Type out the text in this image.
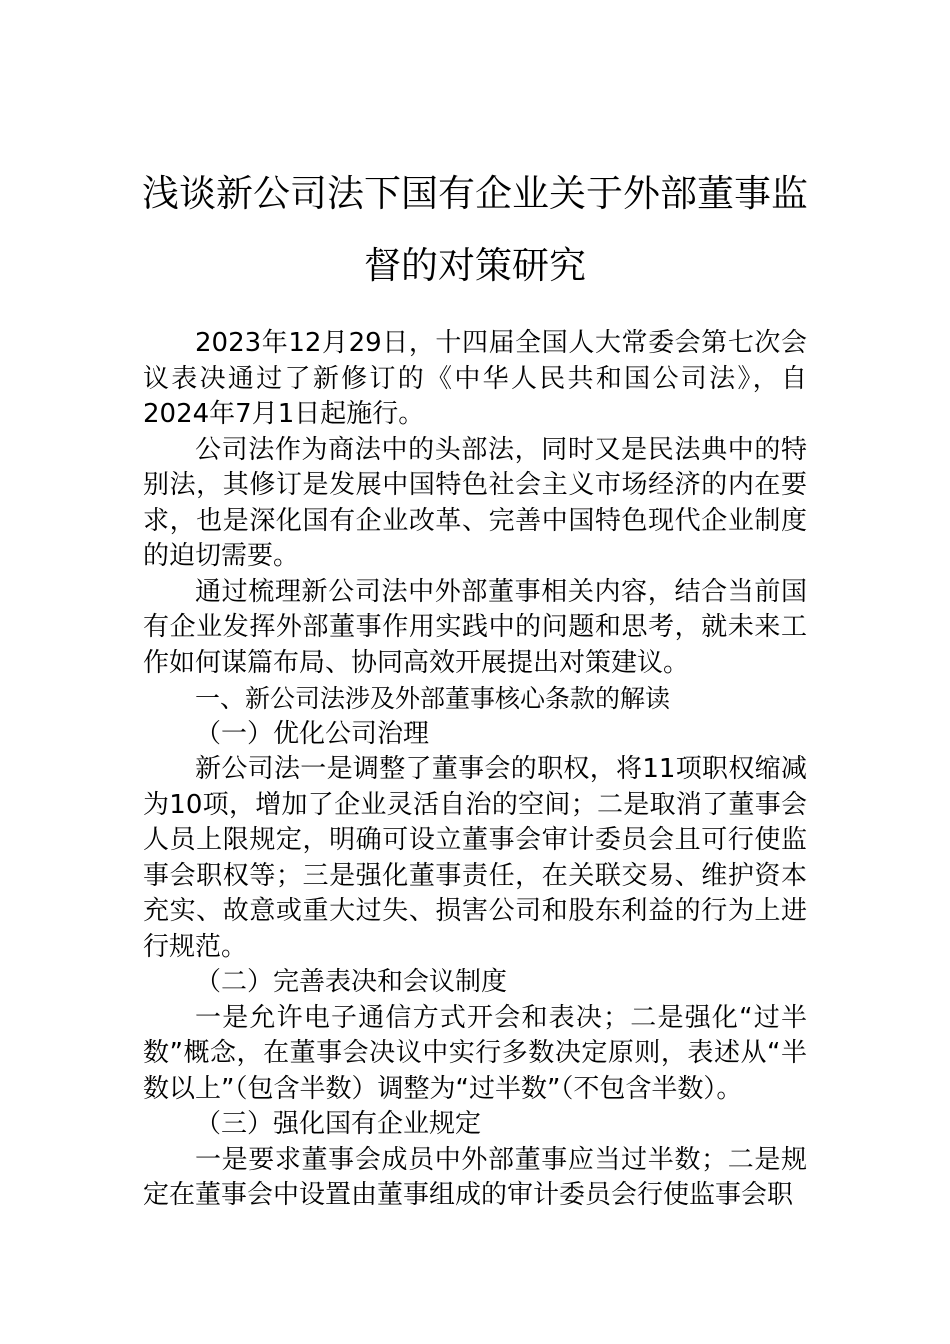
浅谈新公司法下国有企业关于外部董事监督的对策研究

2023年12月29日，十四届全国人大常委会第七次会议表决通过了新修订的《中华人民共和国公司法》，自2024年7月1日起施行。

公司法作为商法中的头部法，同时又是民法典中的特别法，其修订是发展中国特色社会主义市场经济的内在要求，也是深化国有企业改革、完善中国特色现代企业制度的迫切需要。

通过梳理新公司法中外部董事相关内容，结合当前国有企业发挥外部董事作用实践中的问题和思考，就未来工作如何谋篇布局、协同高效开展提出对策建议。

一、新公司法涉及外部董事核心条款的解读

（一）优化公司治理

新公司法一是调整了董事会的职权，将11项职权缩减为10项，增加了企业灵活自治的空间；二是取消了董事会人员上限规定，明确可设立董事会审计委员会且可行使监事会职权等；三是强化董事责任，在关联交易、维护资本充实、故意或重大过失、损害公司和股东利益的行为上进行规范。

（二）完善表决和会议制度

一是允许电子通信方式开会和表决；二是强化“过半数”概念，在董事会决议中实行多数决定原则，表述从“半数以上”（包含半数）调整为“过半数”（不包含半数）。

（三）强化国有企业规定

一是要求董事会成员中外部董事应当过半数；二是规定在董事会中设置由董事组成的审计委员会行使监事会职
